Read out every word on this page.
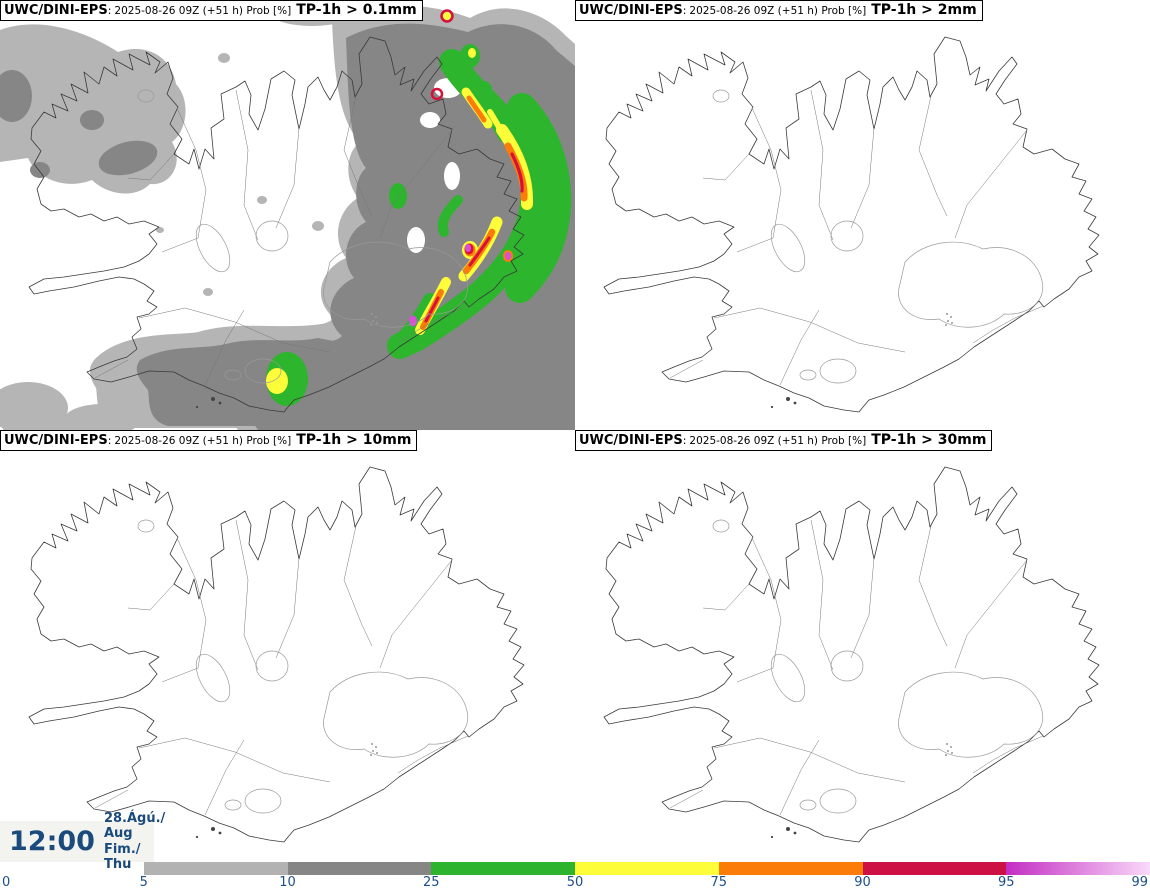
UWC/DINI-EPS : 2025-08-26 09Z (+51 h) Prob [%] TP-1h > 0.1mm	UWC/DINI-EPS : 2025-08-26 09Z (+51 h) Prob [%] TP-1h > 2mm
UWC/DINI-EPS : 2025-08-26 09Z (+51 h) Prob [%] TP-1h > 10mm	UWC/DINI-EPS : 2025-08-26 09Z (+51 h) Prob [%] TP-1h > 30mm
12:00
28.Ágú./ Aug
Fim./ Thu
0	5	10	25	50	75	90	95	99
